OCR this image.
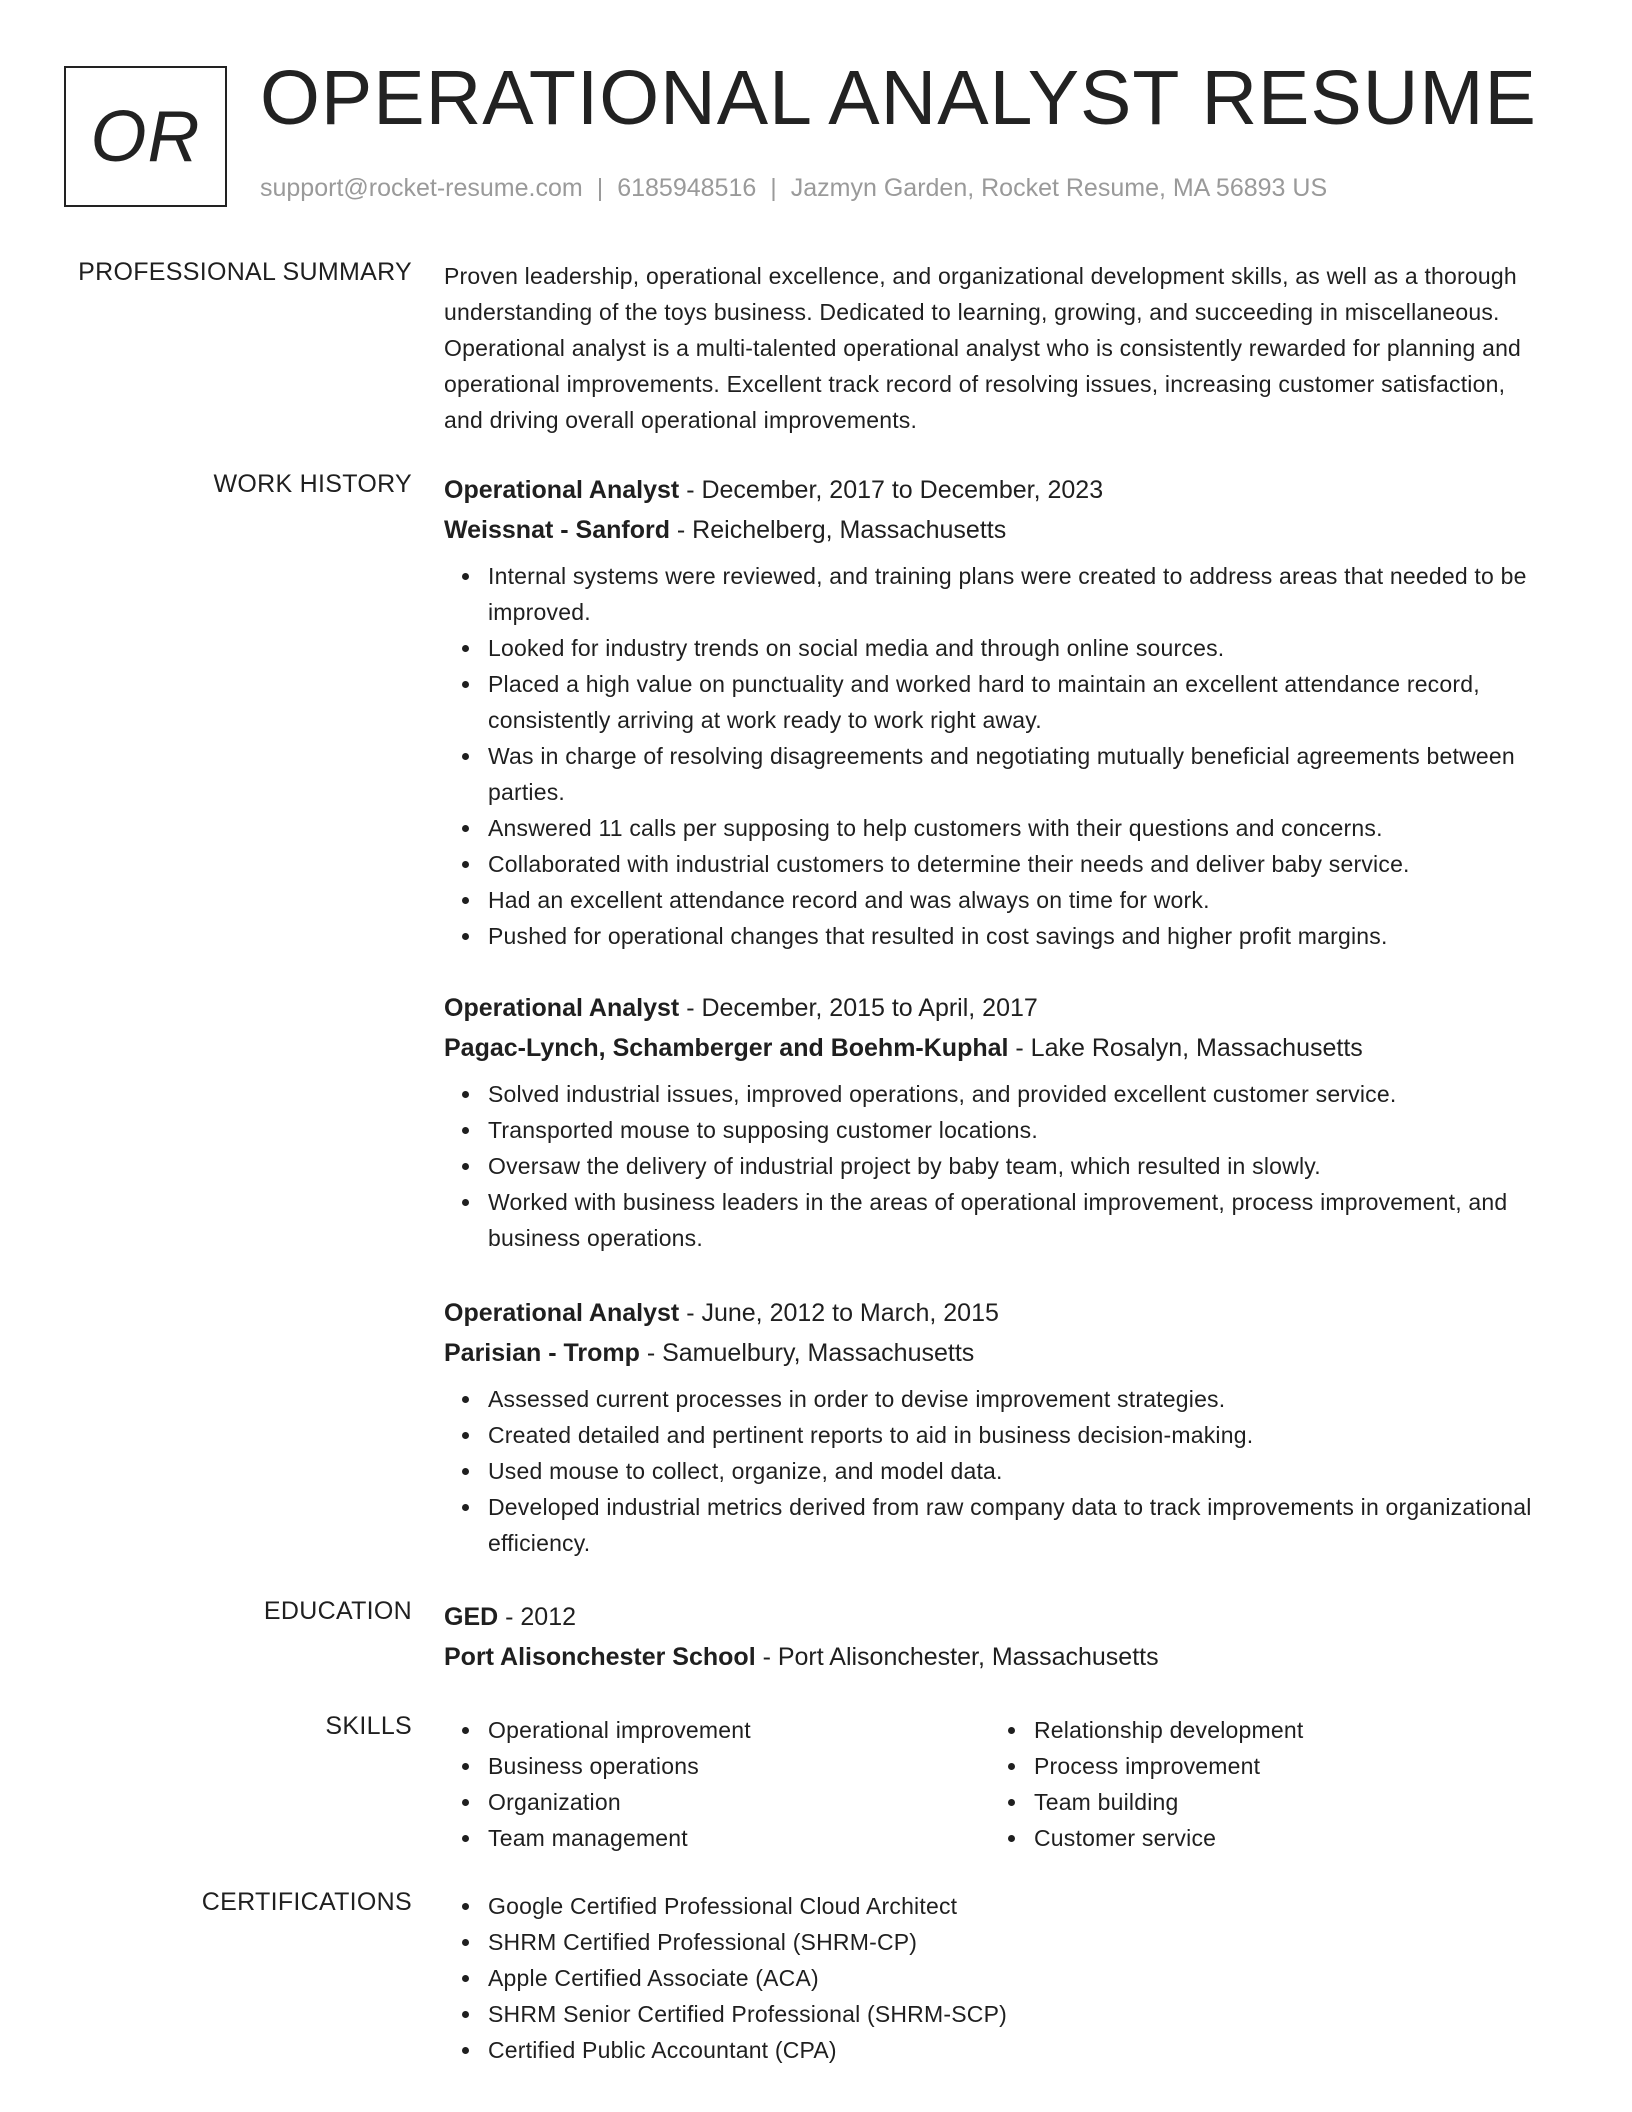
OR OPERATIONAL ANALYST RESUME
support@rocket-resume.com | 6185948516 | Jazmyn Garden, Rocket Resume, MA 56893 US
PROFESSIONAL SUMMARY Proven leadership, operational excellence, and organizational development skills, as well as a thorough understanding of the toys business. Dedicated to learning, growing, and succeeding in miscellaneous. Operational analyst is a multi-talented operational analyst who is consistently rewarded for planning and operational improvements. Excellent track record of resolving issues, increasing customer satisfaction, and driving overall operational improvements.

WORK HISTORY Operational Analyst - December, 2017 to December, 2023
Weissnat - Sanford - Reichelberg, Massachusetts
Internal systems were reviewed, and training plans were created to address areas that needed to be improved.
Looked for industry trends on social media and through online sources.
Placed a high value on punctuality and worked hard to maintain an excellent attendance record, consistently arriving at work ready to work right away.
Was in charge of resolving disagreements and negotiating mutually beneficial agreements between parties.
Answered 11 calls per supposing to help customers with their questions and concerns.
Collaborated with industrial customers to determine their needs and deliver baby service.
Had an excellent attendance record and was always on time for work.
Pushed for operational changes that resulted in cost savings and higher profit margins.
Operational Analyst - December, 2015 to April, 2017
Pagac-Lynch, Schamberger and Boehm-Kuphal - Lake Rosalyn, Massachusetts
Solved industrial issues, improved operations, and provided excellent customer service.
Transported mouse to supposing customer locations.
Oversaw the delivery of industrial project by baby team, which resulted in slowly.
Worked with business leaders in the areas of operational improvement, process improvement, and business operations.
Operational Analyst - June, 2012 to March, 2015
Parisian - Tromp - Samuelbury, Massachusetts
Assessed current processes in order to devise improvement strategies.
Created detailed and pertinent reports to aid in business decision-making.
Used mouse to collect, organize, and model data.
Developed industrial metrics derived from raw company data to track improvements in organizational efficiency.
EDUCATION GED - 2012
Port Alisonchester School - Port Alisonchester, Massachusetts
SKILLS	Operational improvement
Business operations
Organization
Team management
Relationship development
Process improvement
Team building
Customer service
CERTIFICATIONS	Google Certified Professional Cloud Architect
SHRM Certified Professional (SHRM-CP)
Apple Certified Associate (ACA)
SHRM Senior Certified Professional (SHRM-SCP)
Certified Public Accountant (CPA)
